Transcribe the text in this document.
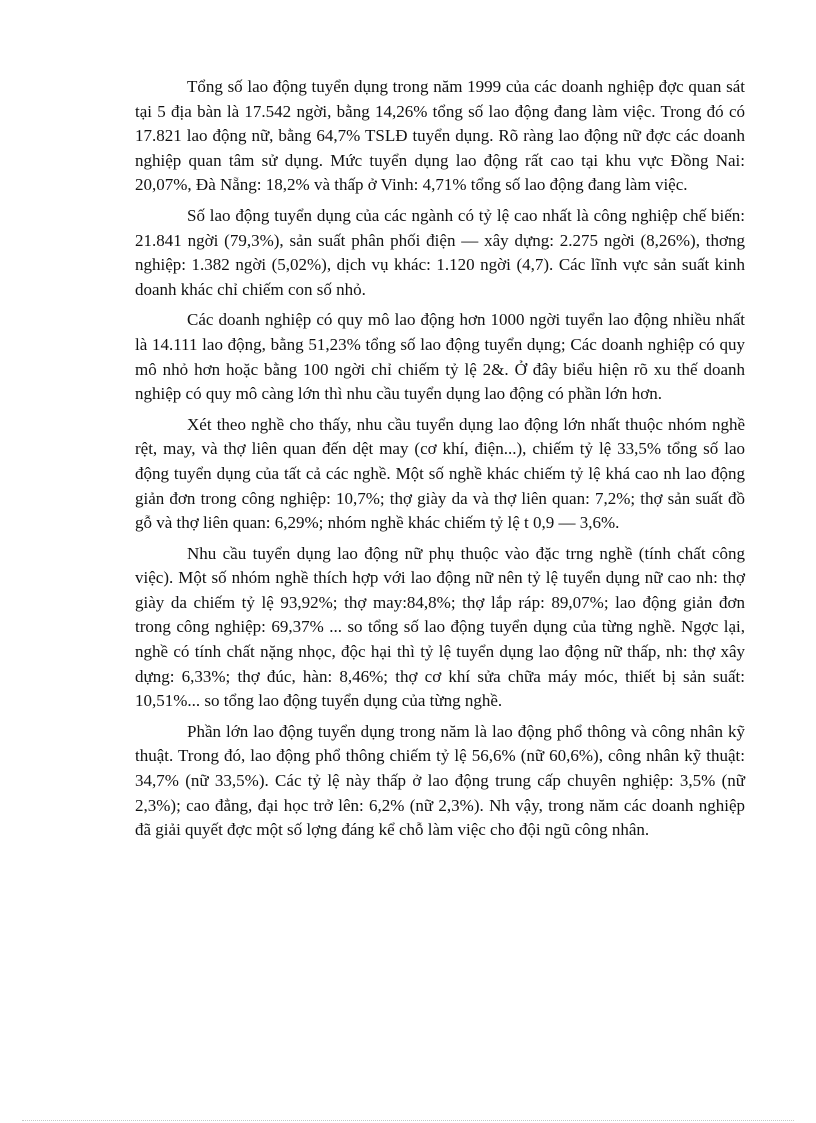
Tổng số lao động tuyển dụng trong năm 1999 của các doanh nghiệp đợc quan sát tại 5 địa bàn là 17.542 ngời, bằng 14,26% tổng số lao động đang làm việc. Trong đó có 17.821 lao động nữ, bằng 64,7% TSLĐ tuyển dụng. Rõ ràng lao động nữ đợc các doanh nghiệp quan tâm sử dụng. Mức tuyển dụng lao động rất cao tại khu vực Đồng Nai: 20,07%, Đà Nẵng: 18,2% và thấp ở Vinh: 4,71% tổng số lao động đang làm việc.

Số lao động tuyển dụng của các ngành có tỷ lệ cao nhất là công nghiệp chế biến: 21.841 ngời (79,3%), sản suất phân phối điện — xây dựng: 2.275 ngời (8,26%), thơng nghiệp: 1.382 ngời (5,02%), dịch vụ khác: 1.120 ngời (4,7). Các lĩnh vực sản suất kinh doanh khác chỉ chiếm con số nhỏ.

Các doanh nghiệp có quy mô lao động hơn 1000 ngời tuyển lao động nhiều nhất là 14.111 lao động, bằng 51,23% tổng số lao động tuyển dụng; Các doanh nghiệp có quy mô nhỏ hơn hoặc bằng 100 ngời chỉ chiếm tỷ lệ 2&. Ở đây biểu hiện rõ xu thế doanh nghiệp có quy mô càng lớn thì nhu cầu tuyển dụng lao động có phần lớn hơn.

Xét theo nghề cho thấy, nhu cầu tuyển dụng lao động lớn nhất thuộc nhóm nghề rệt, may, và thợ liên quan đến dệt may (cơ khí, điện...), chiếm tỷ lệ 33,5% tổng số lao động tuyển dụng của tất cả các nghề. Một số nghề khác chiếm tỷ lệ khá cao nh lao động giản đơn trong công nghiệp: 10,7%; thợ giày da và thợ liên quan: 7,2%; thợ sản suất đồ gỗ và thợ liên quan: 6,29%; nhóm nghề khác chiếm tỷ lệ t 0,9 — 3,6%.

Nhu cầu tuyển dụng lao động nữ phụ thuộc vào đặc trng nghề (tính chất công việc). Một số nhóm nghề thích hợp với lao động nữ nên tỷ lệ tuyển dụng nữ cao nh: thợ giày da chiếm tỷ lệ 93,92%; thợ may:84,8%; thợ lắp ráp: 89,07%; lao động giản đơn trong công nghiệp: 69,37% ... so tổng số lao động tuyển dụng của từng nghề. Ngợc lại, nghề có tính chất nặng nhọc, độc hại thì tỷ lệ tuyển dụng lao động nữ thấp, nh: thợ xây dựng: 6,33%; thợ đúc, hàn: 8,46%; thợ cơ khí sửa chữa máy móc, thiết bị sản suất: 10,51%... so tổng lao động tuyển dụng của từng nghề.

Phần lớn lao động tuyển dụng trong năm là lao động phổ thông và công nhân kỹ thuật. Trong đó, lao động phổ thông chiếm tỷ lệ 56,6% (nữ 60,6%), công nhân kỹ thuật: 34,7% (nữ 33,5%). Các tỷ lệ này thấp ở lao động trung cấp chuyên nghiệp: 3,5% (nữ 2,3%); cao đẳng, đại học trở lên: 6,2% (nữ 2,3%). Nh vậy, trong năm các doanh nghiệp đã giải quyết đợc một số lợng đáng kể chỗ làm việc cho đội ngũ công nhân.
